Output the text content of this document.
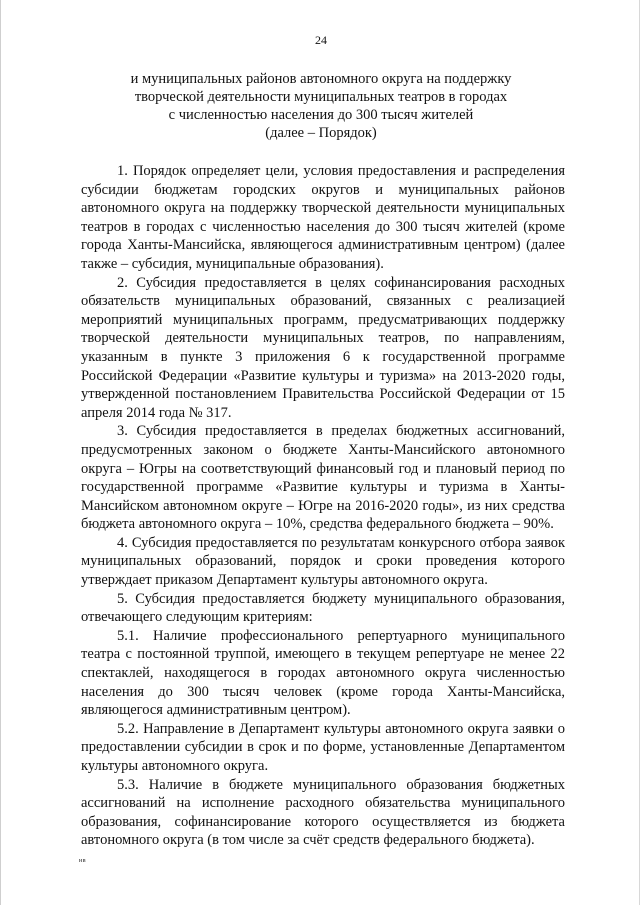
24
и муниципальных районов автономного округа на поддержку
творческой деятельности муниципальных театров в городах
с численностью населения до 300 тысяч жителей
(далее – Порядок)

1. Порядок определяет цели, условия предоставления и распределения субсидии бюджетам городских округов и муниципальных районов автономного округа на поддержку творческой деятельности муниципальных театров в городах с численностью населения до 300 тысяч жителей (кроме города Ханты-Мансийска, являющегося административным центром) (далее также – субсидия, муниципальные образования).

2. Субсидия предоставляется в целях софинансирования расходных обязательств муниципальных образований, связанных с реализацией мероприятий муниципальных программ, предусматривающих поддержку творческой деятельности муниципальных театров, по направлениям, указанным в пункте 3 приложения 6 к государственной программе Российской Федерации «Развитие культуры и туризма» на 2013-2020 годы, утвержденной постановлением Правительства Российской Федерации от 15 апреля 2014 года № 317.

3. Субсидия предоставляется в пределах бюджетных ассигнований, предусмотренных законом о бюджете Ханты-Мансийского автономного округа – Югры на соответствующий финансовый год и плановый период по государственной программе «Развитие культуры и туризма в Ханты-Мансийском автономном округе – Югре на 2016-2020 годы», из них средства бюджета автономного округа – 10%, средства федерального бюджета – 90%.

4. Субсидия предоставляется по результатам конкурсного отбора заявок муниципальных образований, порядок и сроки проведения которого утверждает приказом Департамент культуры автономного округа.

5. Субсидия предоставляется бюджету муниципального образования, отвечающего следующим критериям:

5.1. Наличие профессионального репертуарного муниципального театра с постоянной труппой, имеющего в текущем репертуаре не менее 22 спектаклей, находящегося в городах автономного округа численностью населения до 300 тысяч человек (кроме города Ханты-Мансийска, являющегося административным центром).

5.2. Направление в Департамент культуры автономного округа заявки о предоставлении субсидии в срок и по форме, установленные Департаментом культуры автономного округа.

5.3. Наличие в бюджете муниципального образования бюджетных ассигнований на исполнение расходного обязательства муниципального образования, софинансирование которого осуществляется из бюджета автономного округа (в том числе за счёт средств федерального бюджета).

нв
